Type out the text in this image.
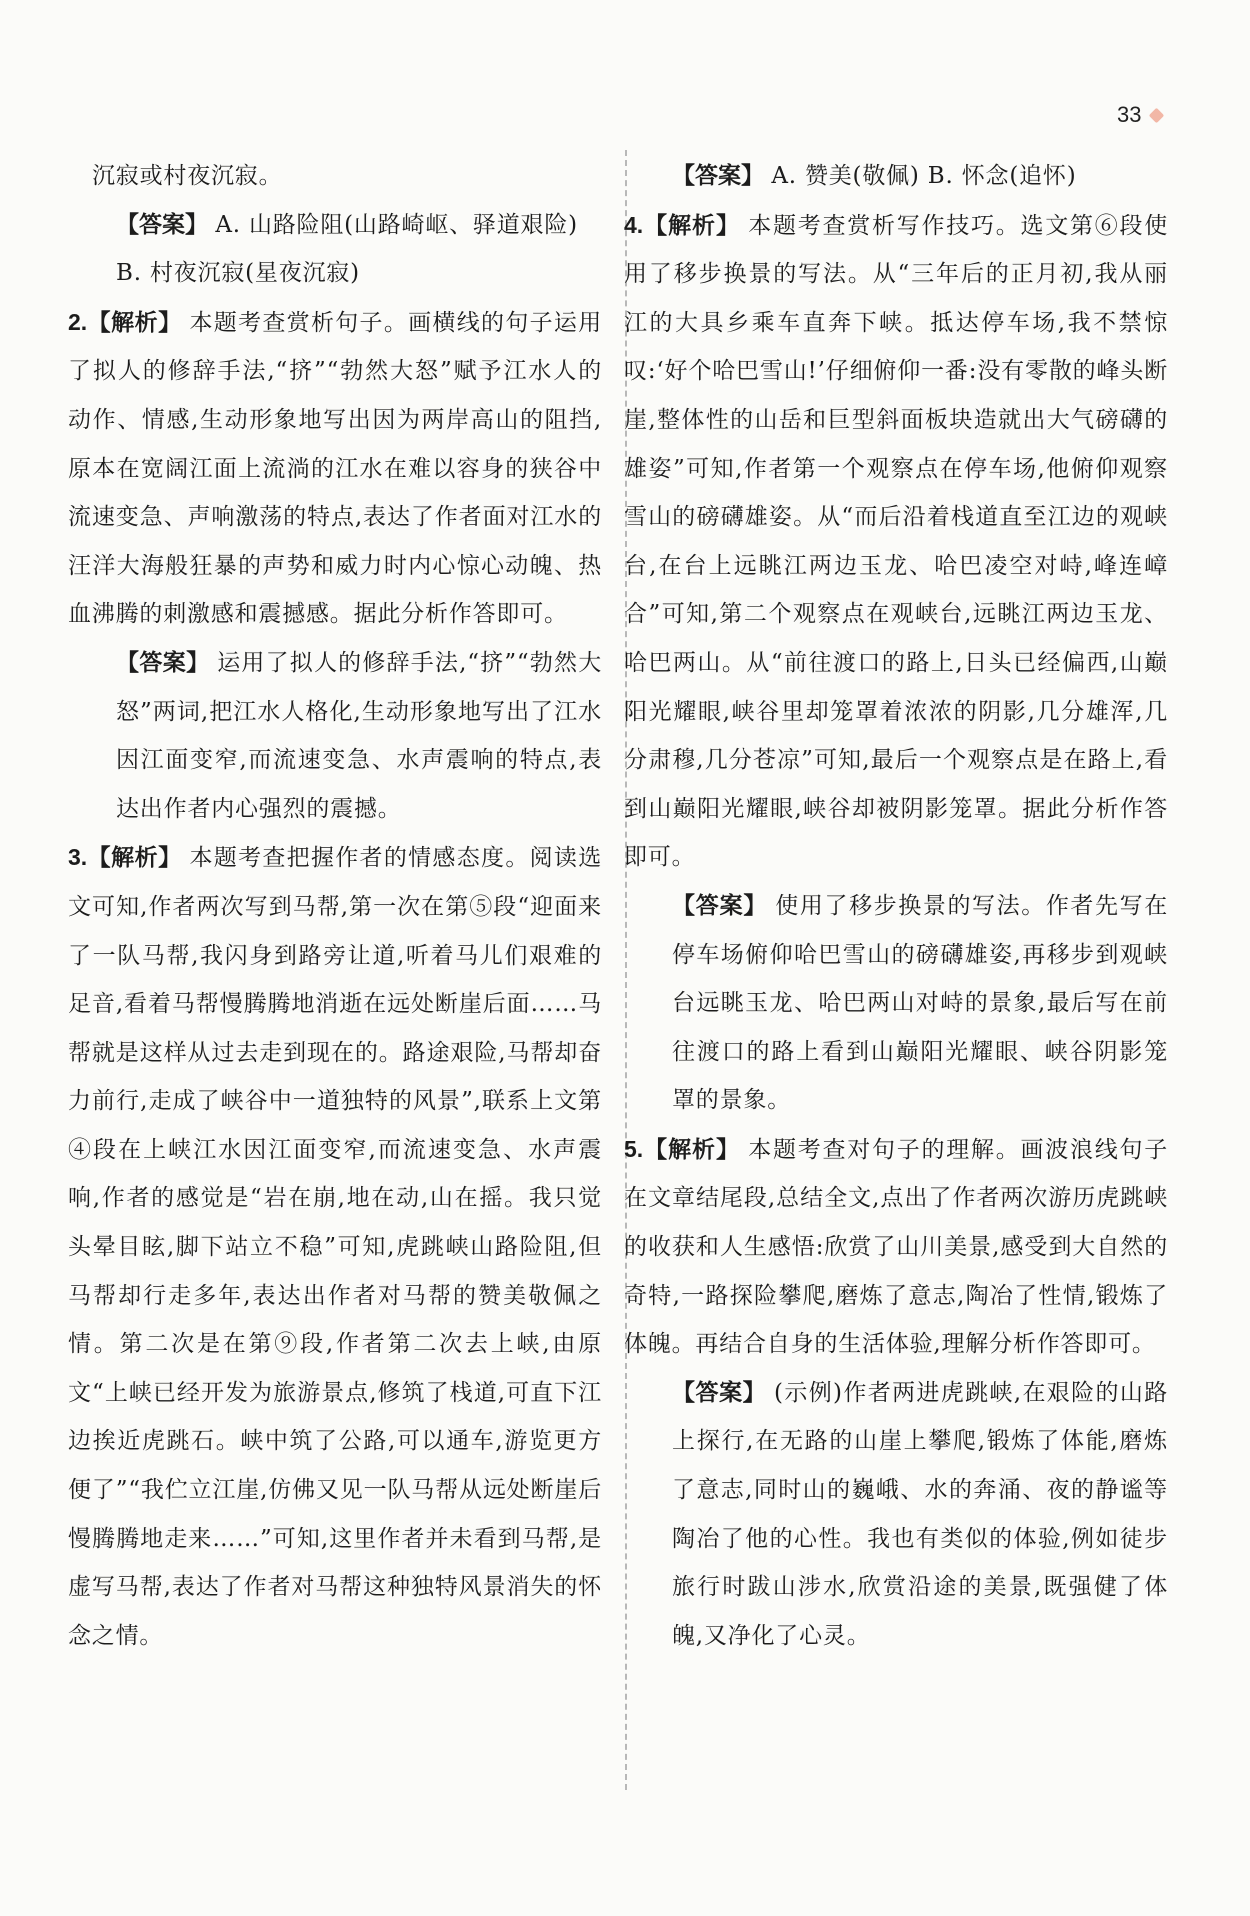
33
沉寂或村夜沉寂。
【答案】 A. 山路险阻(山路崎岖、驿道艰险)
B. 村夜沉寂(星夜沉寂)
2.【解析】 本题考查赏析句子。画横线的句子运用了拟人的修辞手法,“挤”“勃然大怒”赋予江水人的动作、情感,生动形象地写出因为两岸高山的阻挡,原本在宽阔江面上流淌的江水在难以容身的狭谷中流速变急、声响激荡的特点,表达了作者面对江水的汪洋大海般狂暴的声势和威力时内心惊心动魄、热血沸腾的刺激感和震撼感。据此分析作答即可。
【答案】 运用了拟人的修辞手法,“挤”“勃然大怒”两词,把江水人格化,生动形象地写出了江水因江面变窄,而流速变急、水声震响的特点,表达出作者内心强烈的震撼。
3.【解析】 本题考查把握作者的情感态度。阅读选文可知,作者两次写到马帮,第一次在第⑤段“迎面来了一队马帮,我闪身到路旁让道,听着马儿们艰难的足音,看着马帮慢腾腾地消逝在远处断崖后面……马帮就是这样从过去走到现在的。路途艰险,马帮却奋力前行,走成了峡谷中一道独特的风景”,联系上文第④段在上峡江水因江面变窄,而流速变急、水声震响,作者的感觉是“岩在崩,地在动,山在摇。我只觉头晕目眩,脚下站立不稳”可知,虎跳峡山路险阻,但马帮却行走多年,表达出作者对马帮的赞美敬佩之情。第二次是在第⑨段,作者第二次去上峡,由原文“上峡已经开发为旅游景点,修筑了栈道,可直下江边挨近虎跳石。峡中筑了公路,可以通车,游览更方便了”“我伫立江崖,仿佛又见一队马帮从远处断崖后慢腾腾地走来……”可知,这里作者并未看到马帮,是虚写马帮,表达了作者对马帮这种独特风景消失的怀念之情。
【答案】 A. 赞美(敬佩) B. 怀念(追怀)
4.【解析】 本题考查赏析写作技巧。选文第⑥段使用了移步换景的写法。从“三年后的正月初,我从丽江的大具乡乘车直奔下峡。抵达停车场,我不禁惊叹:‘好个哈巴雪山!’仔细俯仰一番:没有零散的峰头断崖,整体性的山岳和巨型斜面板块造就出大气磅礴的雄姿”可知,作者第一个观察点在停车场,他俯仰观察雪山的磅礴雄姿。从“而后沿着栈道直至江边的观峡台,在台上远眺江两边玉龙、哈巴凌空对峙,峰连嶂合”可知,第二个观察点在观峡台,远眺江两边玉龙、哈巴两山。从“前往渡口的路上,日头已经偏西,山巅阳光耀眼,峡谷里却笼罩着浓浓的阴影,几分雄浑,几分肃穆,几分苍凉”可知,最后一个观察点是在路上,看到山巅阳光耀眼,峡谷却被阴影笼罩。据此分析作答即可。
【答案】 使用了移步换景的写法。作者先写在停车场俯仰哈巴雪山的磅礴雄姿,再移步到观峡台远眺玉龙、哈巴两山对峙的景象,最后写在前往渡口的路上看到山巅阳光耀眼、峡谷阴影笼罩的景象。
5.【解析】 本题考查对句子的理解。画波浪线句子在文章结尾段,总结全文,点出了作者两次游历虎跳峡的收获和人生感悟:欣赏了山川美景,感受到大自然的奇特,一路探险攀爬,磨炼了意志,陶冶了性情,锻炼了体魄。再结合自身的生活体验,理解分析作答即可。
【答案】 (示例)作者两进虎跳峡,在艰险的山路上探行,在无路的山崖上攀爬,锻炼了体能,磨炼了意志,同时山的巍峨、水的奔涌、夜的静谧等陶冶了他的心性。我也有类似的体验,例如徒步旅行时跋山涉水,欣赏沿途的美景,既强健了体魄,又净化了心灵。
